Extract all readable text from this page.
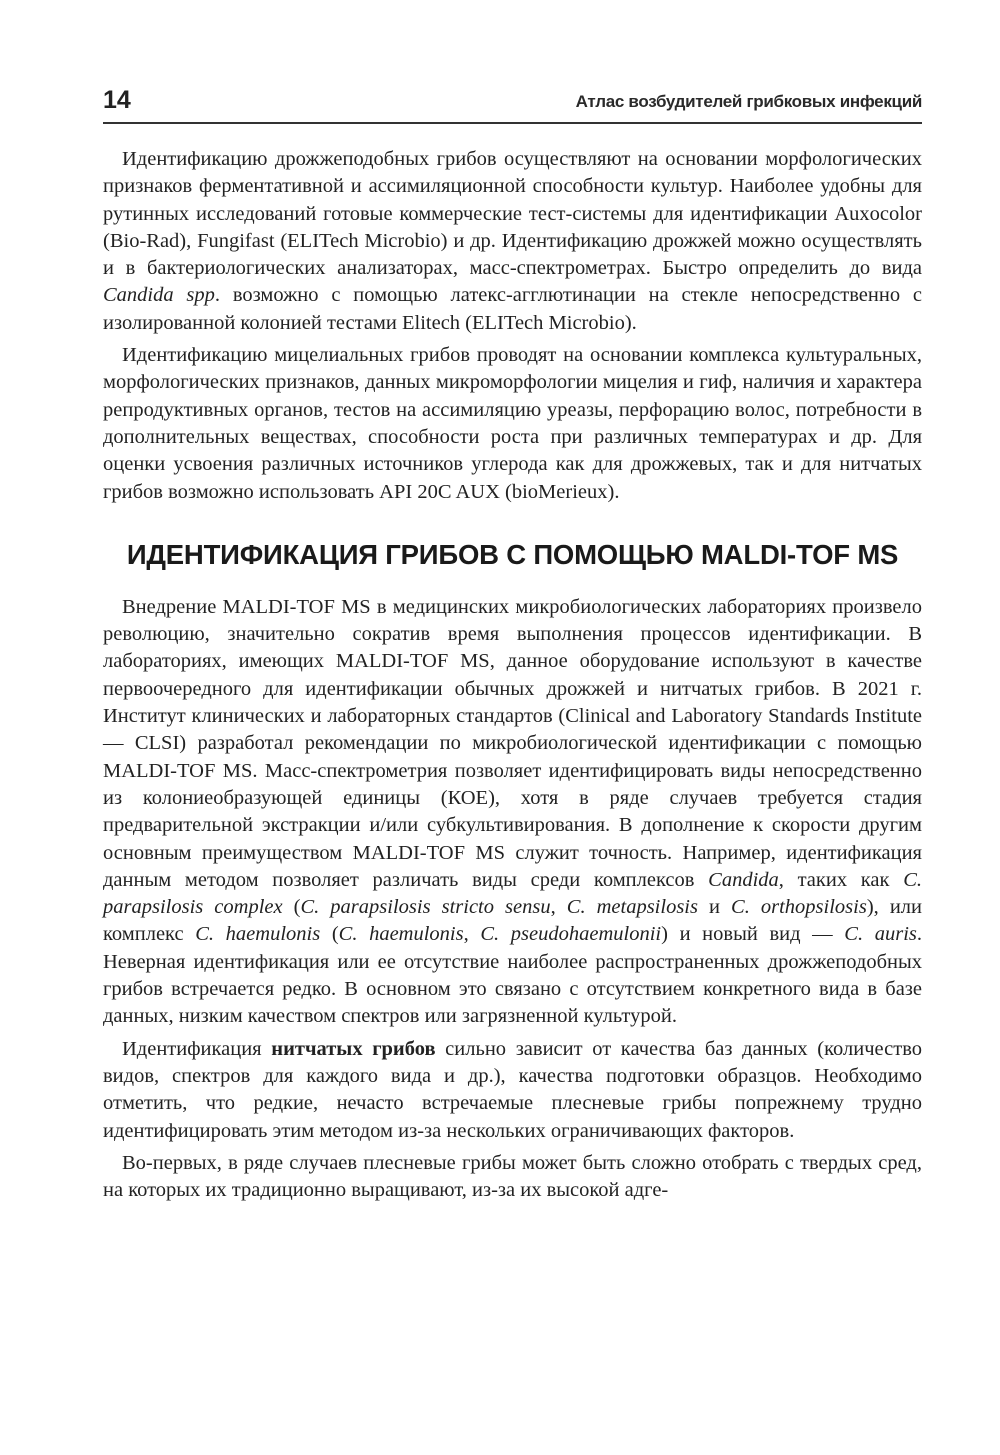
14	Атлас возбудителей грибковых инфекций

Идентификацию дрожжеподобных грибов осуществляют на основании морфологических признаков ферментативной и ассимиляционной способности культур. Наиболее удобны для рутинных исследований готовые коммерческие тест-системы для идентификации Auxocolor (Bio-Rad), Fungifast (ELITech Microbio) и др. Идентификацию дрожжей можно осуществлять и в бактериологических анализаторах, масс-спектрометрах. Быстро определить до вида Candida spp. возможно с помощью латекс-агглютинации на стекле непосредственно с изолированной колонией тестами Elitech (ELITech Microbio).

Идентификацию мицелиальных грибов проводят на основании комплекса культуральных, морфологических признаков, данных микроморфологии мицелия и гиф, наличия и характера репродуктивных органов, тестов на ассимиляцию уреазы, перфорацию волос, потребности в дополнительных веществах, способности роста при различных температурах и др. Для оценки усвоения различных источников углерода как для дрожжевых, так и для нитчатых грибов возможно использовать API 20C AUX (bioMerieux).

ИДЕНТИФИКАЦИЯ ГРИБОВ С ПОМОЩЬЮ MALDI-TOF MS

Внедрение MALDI-TOF MS в медицинских микробиологических лабораториях произвело революцию, значительно сократив время выполнения процессов идентификации. В лабораториях, имеющих MALDI-TOF MS, данное оборудование используют в качестве первоочередного для идентификации обычных дрожжей и нитчатых грибов. В 2021 г. Институт клинических и лабораторных стандартов (Clinical and Laboratory Standards Institute — CLSI) разработал рекомендации по микробиологической идентификации с помощью MALDI-TOF MS. Масс-спектрометрия позволяет идентифицировать виды непосредственно из колониеобразующей единицы (КОЕ), хотя в ряде случаев требуется стадия предварительной экстракции и/или субкультивирования. В дополнение к скорости другим основным преимуществом MALDI-TOF MS служит точность. Например, идентификация данным методом позволяет различать виды среди комплексов Candida, таких как C. parapsilosis complex (C. parapsilosis stricto sensu, C. metapsilosis и C. orthopsilosis), или комплекс C. haemulonis (C. haemulonis, C. pseudohaemulonii) и новый вид — C. auris. Неверная идентификация или ее отсутствие наиболее распространенных дрожжеподобных грибов встречается редко. В основном это связано с отсутствием конкретного вида в базе данных, низким качеством спектров или загрязненной культурой.

Идентификация нитчатых грибов сильно зависит от качества баз данных (количество видов, спектров для каждого вида и др.), качества подготовки образцов. Необходимо отметить, что редкие, нечасто встречаемые плесневые грибы попрежнему трудно идентифицировать этим методом из-за нескольких ограничивающих факторов.

Во-первых, в ряде случаев плесневые грибы может быть сложно отобрать с твердых сред, на которых их традиционно выращивают, из-за их высокой адге-
